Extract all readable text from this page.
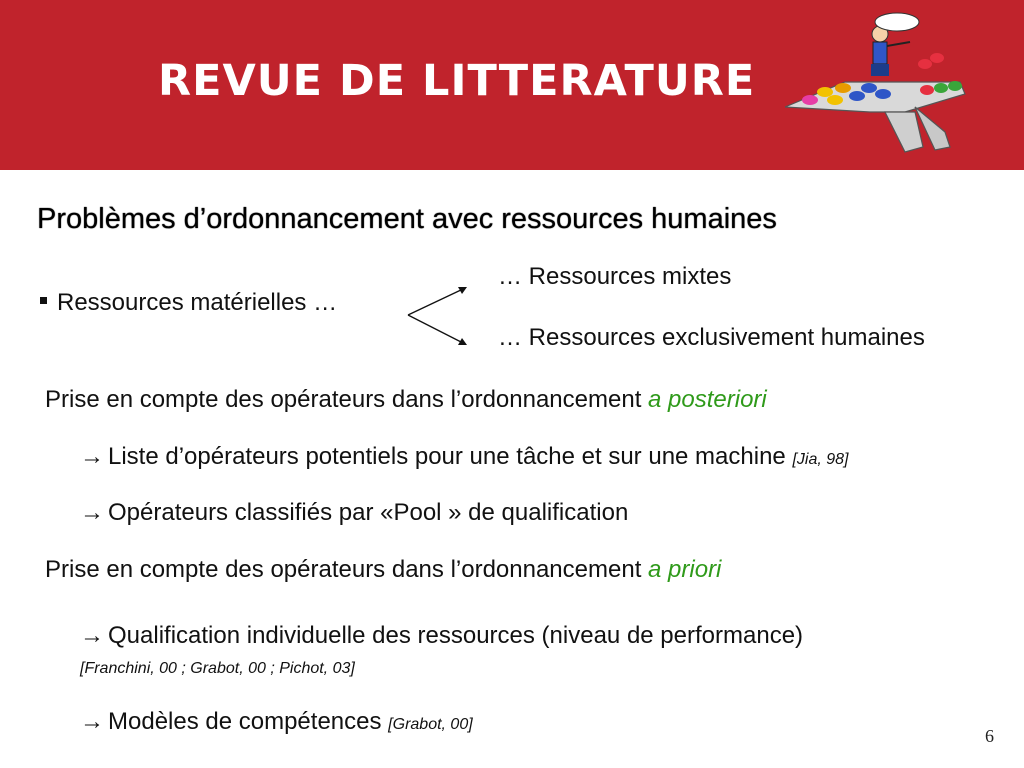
REVUE DE LITTERATURE
Problèmes d’ordonnancement avec ressources humaines
Ressources matérielles …
… Ressources mixtes
… Ressources exclusivement humaines
Prise en compte des opérateurs dans l’ordonnancement a posteriori
→ Liste d’opérateurs potentiels pour une tâche et sur une machine [Jia, 98]
→ Opérateurs classifiés par «Pool » de qualification
Prise en compte des opérateurs dans l’ordonnancement a priori
→ Qualification individuelle des ressources (niveau de performance)
[Franchini, 00 ; Grabot, 00 ; Pichot, 03]
→ Modèles de compétences [Grabot, 00]
6
